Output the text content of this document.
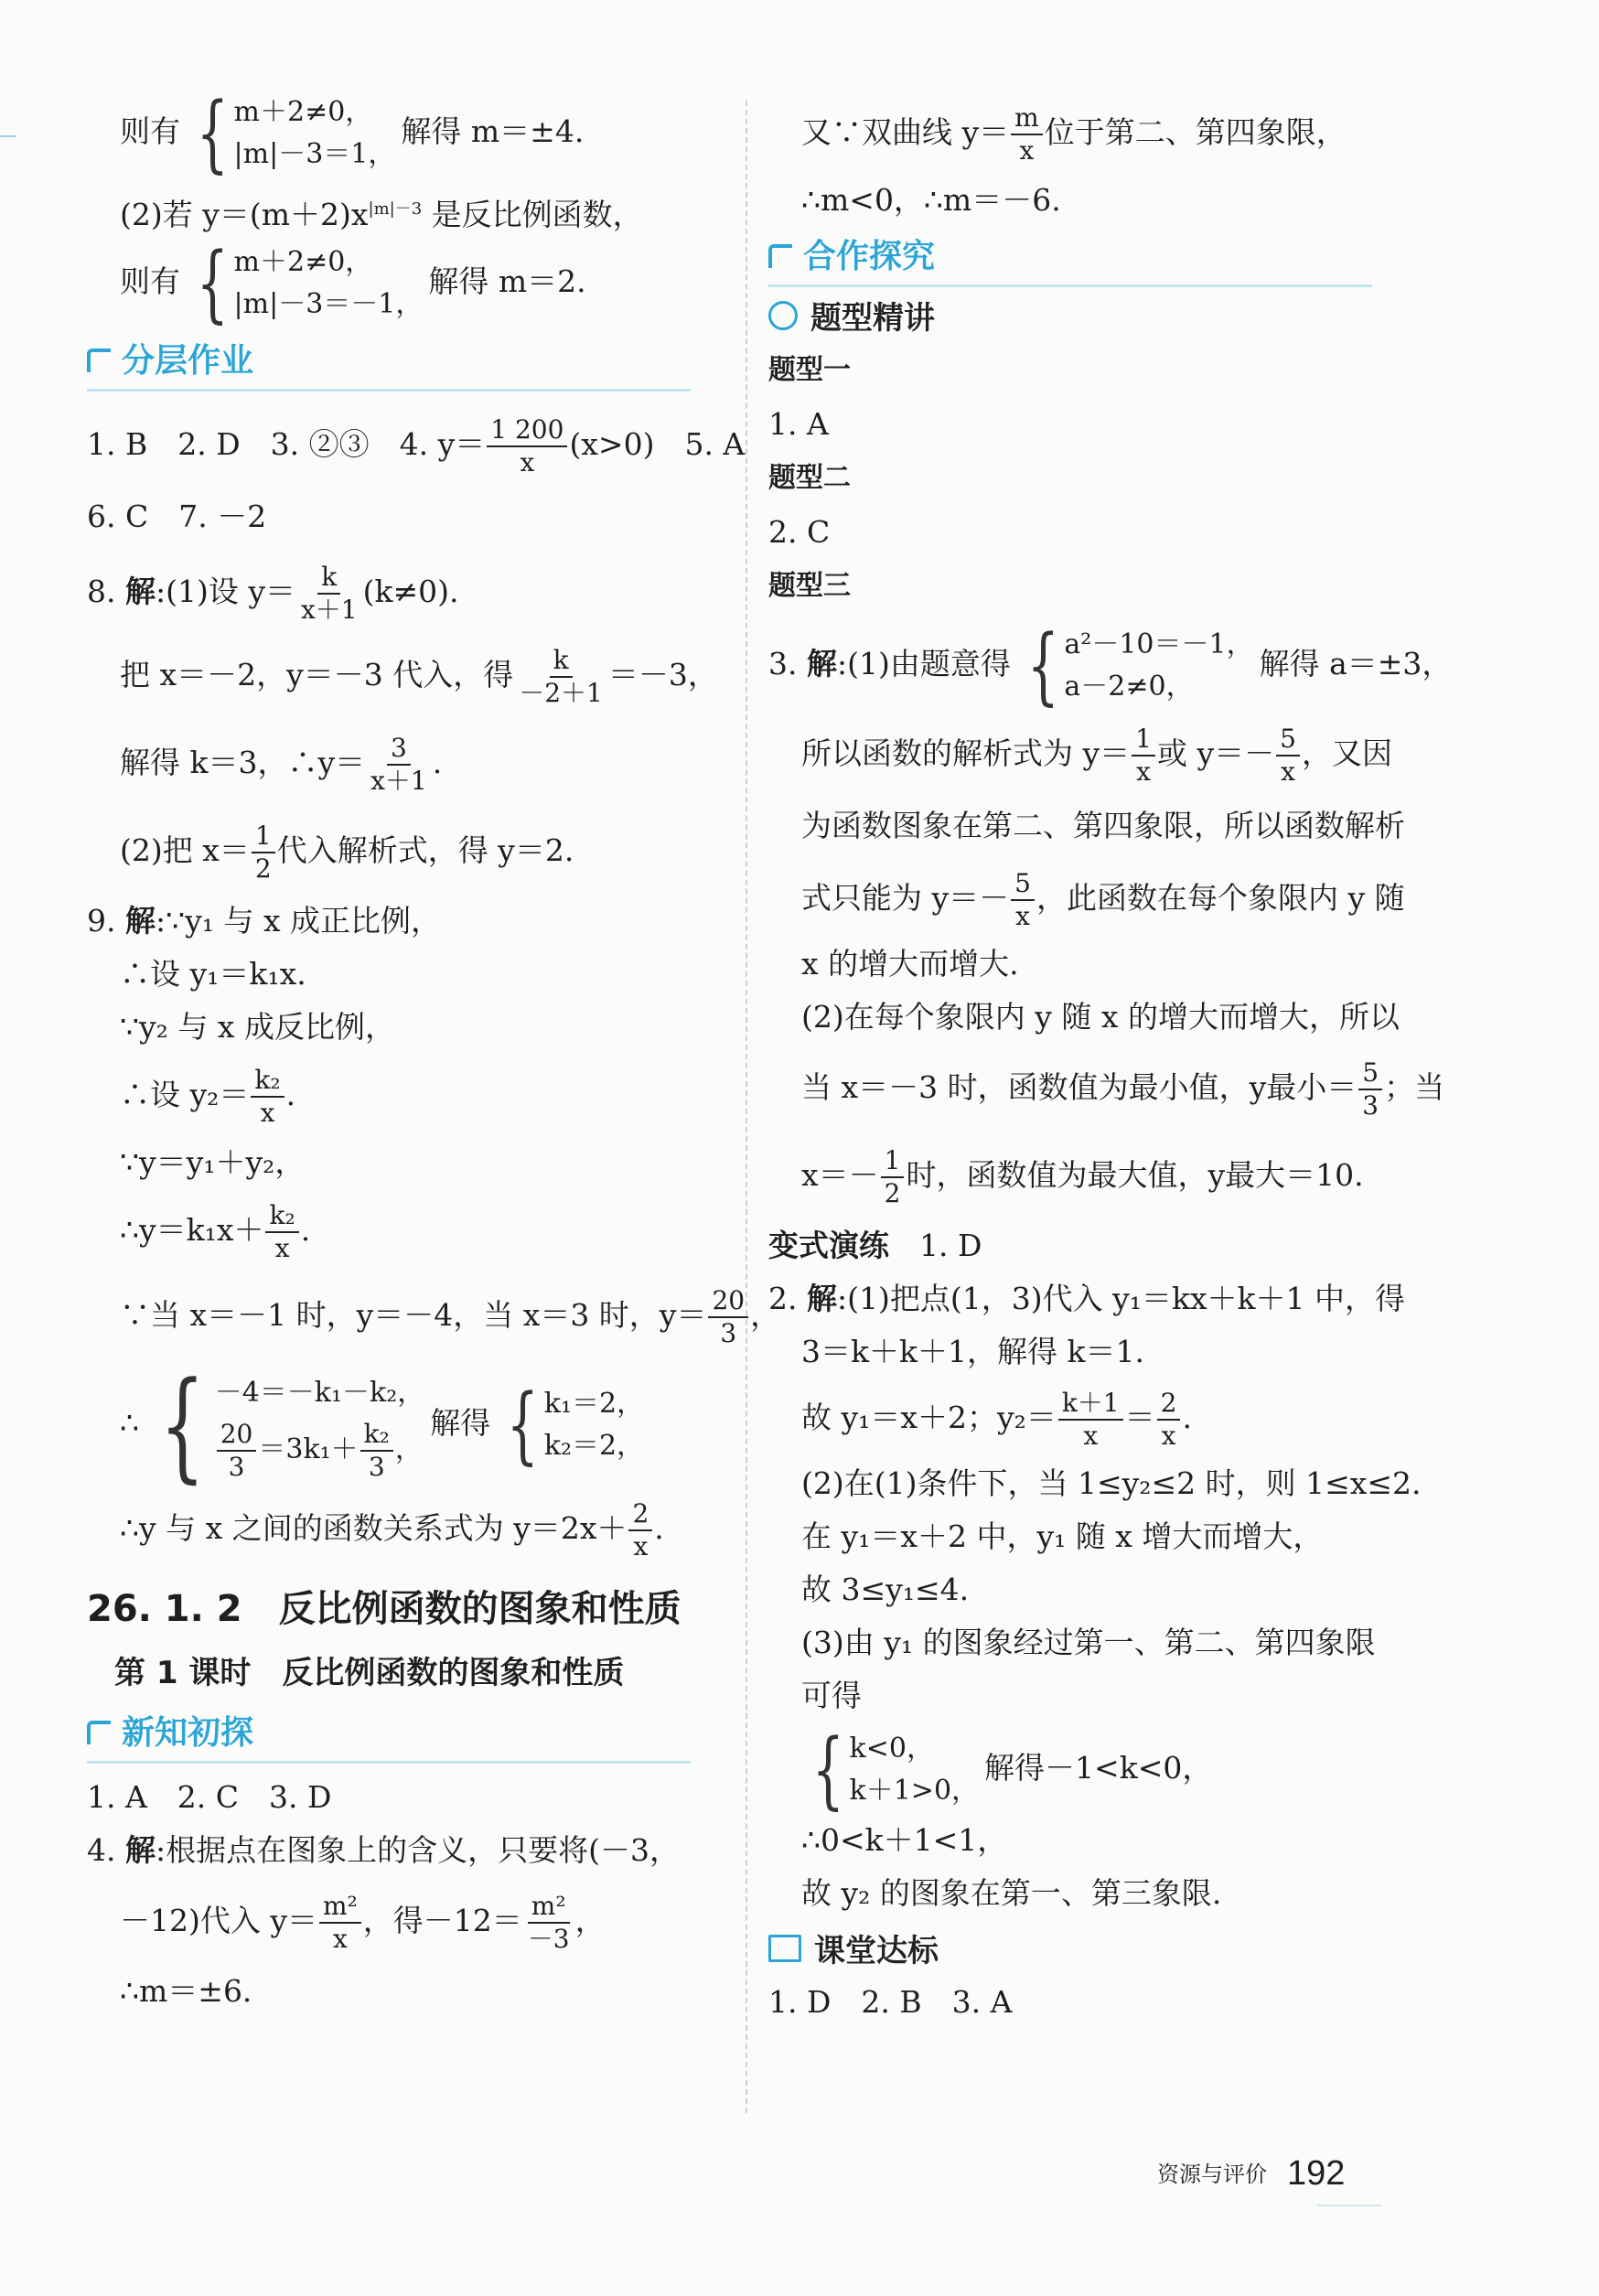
则有 { m＋2≠0，
|m|－3＝1，
解得 m＝±4.
(2)若 $y=(m+2)x^{|m|-3}$ 是反比例函数，
则有 { m＋2≠0，
|m|－3＝－1，
解得 m＝2.
分层作业
1. B　2. D　3. ②③　4. $y= \frac{1 200}{x} (x>0)$　5. A
6. C　7. －2
8. 解:(1)设 $y= \frac{k}{x+1} (k\ne 0)$.
把 x＝－2，y＝－3 代入，得 $\frac{k}{-2+1} =-3$，
解得 k＝3，∴y＝ $\frac{3}{x+1}$ .
(2)把 $x= \frac{1}{2}$ 代入解析式，得 y＝2.
9. 解:∵y₁ 与 x 成正比例，
∴设 y₁＝k₁x.
∵y₂ 与 x 成反比例，
∴设 $y_2= \frac{\text{k₂}}{x}$ .
∵y＝y₁＋y₂，
∴y＝k₁x＋ $\frac{\text{k₂}}{x}$ .
∵当 x＝－1 时，y＝－4，当 x＝3 时，$y= \frac{20}{3}$ ，
∴ { －4＝－k₁－k₂，
$\frac{20}{3} =3k_1+ \frac{\text{k₂}}{3}$ ，
解得 { k₁＝2，
k₂＝2，
∴y 与 x 之间的函数关系式为 $y=2x+ \frac{2}{x}$ .
26. 1. 2　反比例函数的图象和性质
第 1 课时　反比例函数的图象和性质
新知初探
1. A　2. C　3. D
4. 解:根据点在图象上的含义，只要将(－3，
－12)代入 $y= \frac{\text{m²}}{x}$ ，得$-12= \frac{\text{m²}}{-3}$ ，
∴m＝±6.
又∵双曲线 $y= \frac{m}{x}$ 位于第二、第四象限，
∴m<0，∴m＝－6.
合作探究
题型精讲
题型一
1. A
题型二
2. C
题型三
3. 解:(1)由题意得 { a²－10＝－1，
a－2≠0，
解得 a＝±3，
所以函数的解析式为 $y= \frac{1}{x}$ 或 $y=- \frac{5}{x}$ ，又因
为函数图象在第二、第四象限，所以函数解析
式只能为 $y=- \frac{5}{x}$ ，此函数在每个象限内 y 随
x 的增大而增大.
(2)在每个象限内 y 随 x 的增大而增大，所以
当 x＝－3 时，函数值为最小值，y最小＝ $\frac{5}{3}$ ；当
$x=- \frac{1}{2}$ 时，函数值为最大值，y最大＝10.
变式演练　1. D
2. 解:(1)把点(1，3)代入 y₁＝kx＋k＋1 中，得
3＝k＋k＋1，解得 k＝1.
故 y₁＝x＋2；$y_2= \frac{k+1}{x} = \frac{2}{x}$ .
(2)在(1)条件下，当 1≤y₂≤2 时，则 1≤x≤2.
在 y₁＝x＋2 中，y₁ 随 x 增大而增大，
故 3≤y₁≤4.
(3)由 y₁ 的图象经过第一、第二、第四象限
可得
{ k<0，
k＋1>0，
解得－1<k<0，
∴0<k＋1<1，
故 y₂ 的图象在第一、第三象限.
课堂达标
1. D　2. B　3. A
资源与评价 192
